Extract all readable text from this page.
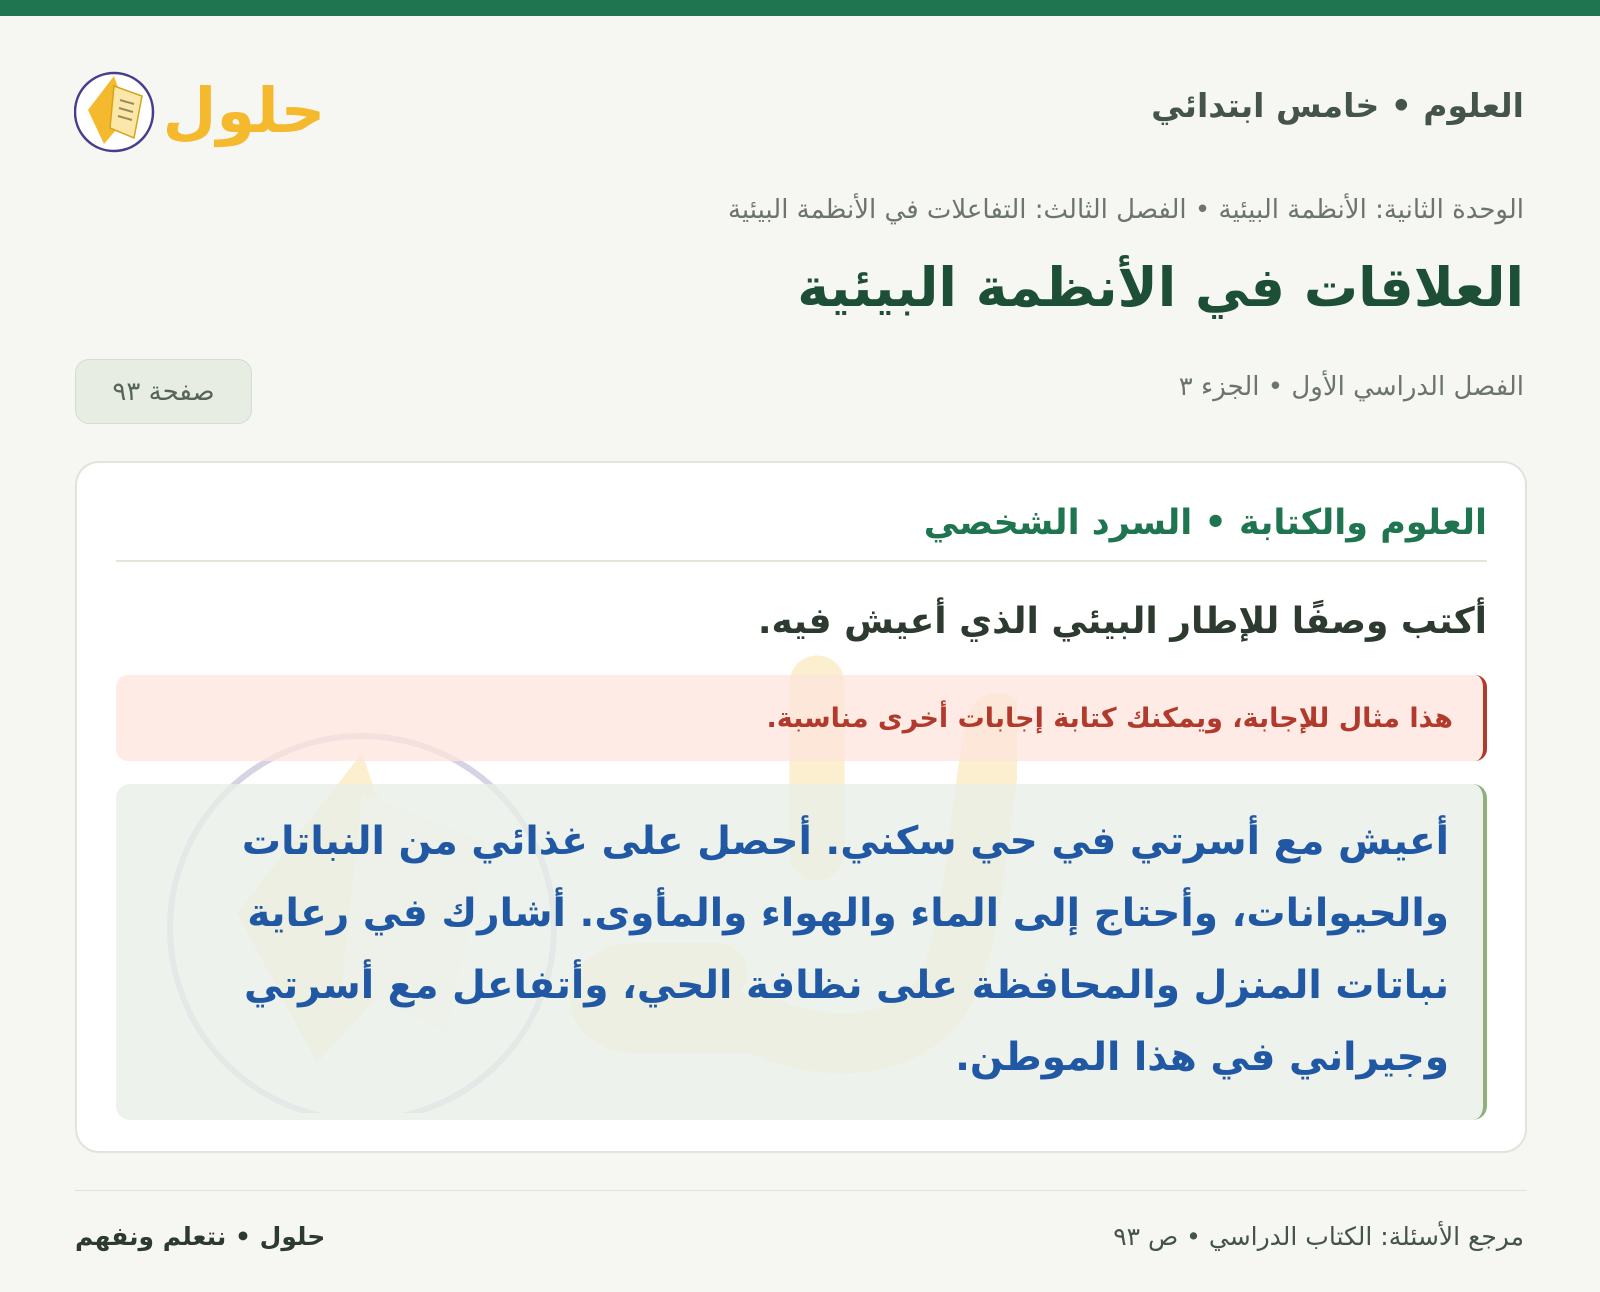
العلوم • خامس ابتدائي
حلول
الوحدة الثانية: الأنظمة البيئية • الفصل الثالث: التفاعلات في الأنظمة البيئية
العلاقات في الأنظمة البيئية
الفصل الدراسي الأول • الجزء ٣
صفحة ٩٣
العلوم والكتابة • السرد الشخصي

أكتب وصفًا للإطار البيئي الذي أعيش فيه.

هذا مثال للإجابة، ويمكنك كتابة إجابات أخرى مناسبة.

أعيش مع أسرتي في حي سكني. أحصل على غذائي من النباتات والحيوانات، وأحتاج إلى الماء والهواء والمأوى. أشارك في رعاية نباتات المنزل والمحافظة على نظافة الحي، وأتفاعل مع أسرتي وجيراني في هذا الموطن.

مرجع الأسئلة: الكتاب الدراسي • ص ٩٣
حلول • نتعلم ونفهم
